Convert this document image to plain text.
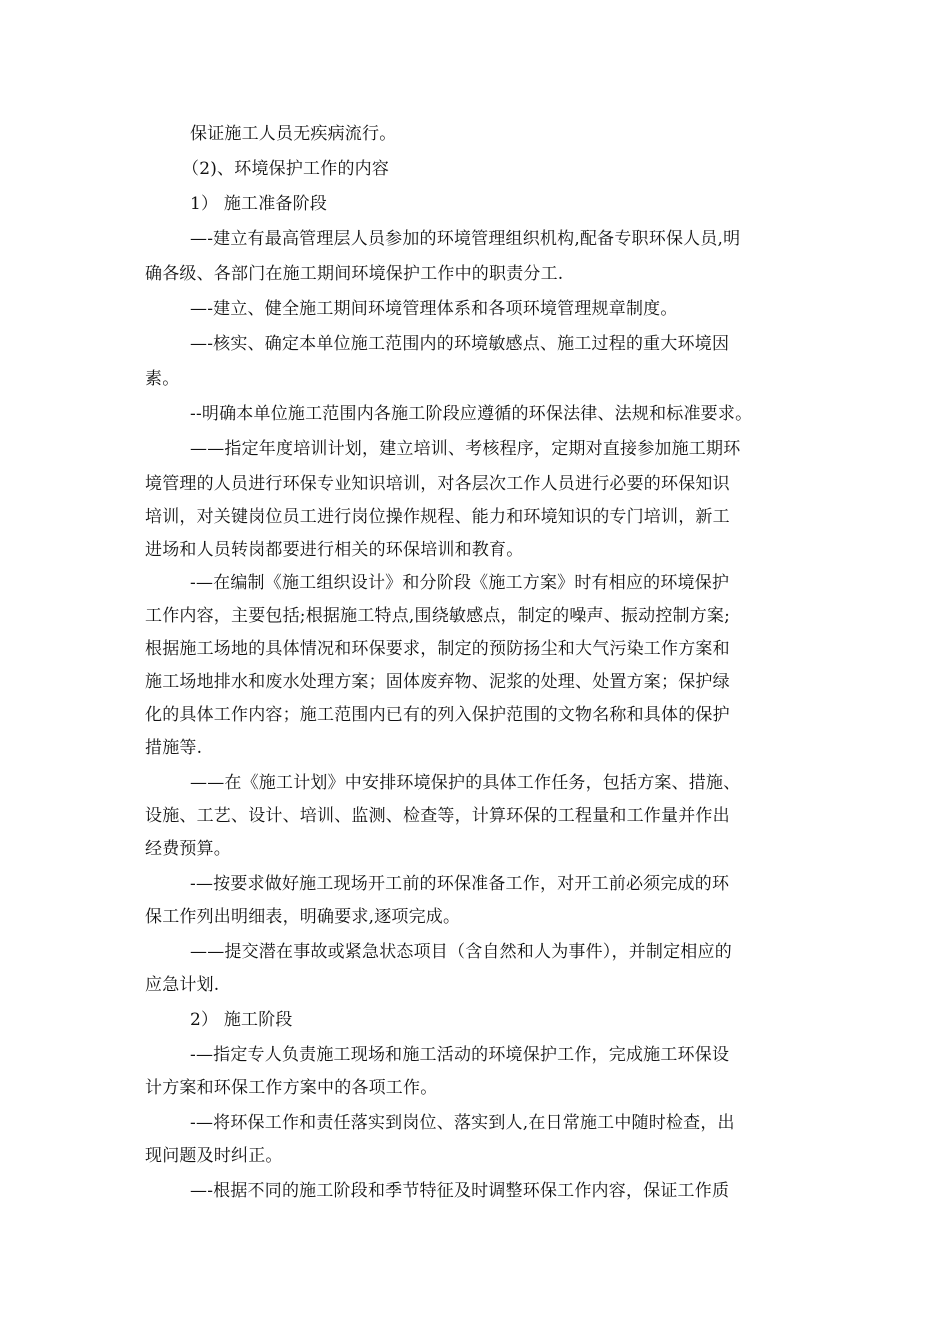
保证施工人员无疾病流行。
（2)、环境保护工作的内容
1） 施工准备阶段
—-建立有最高管理层人员参加的环境管理组织机构,配备专职环保人员,明
确各级、各部门在施工期间环境保护工作中的职责分工.
—-建立、健全施工期间环境管理体系和各项环境管理规章制度。
—-核实、确定本单位施工范围内的环境敏感点、施工过程的重大环境因
素。
--明确本单位施工范围内各施工阶段应遵循的环保法律、法规和标准要求。
——指定年度培训计划，建立培训、考核程序，定期对直接参加施工期环
境管理的人员进行环保专业知识培训，对各层次工作人员进行必要的环保知识
培训，对关键岗位员工进行岗位操作规程、能力和环境知识的专门培训，新工
进场和人员转岗都要进行相关的环保培训和教育。
-—在编制《施工组织设计》和分阶段《施工方案》时有相应的环境保护
工作内容，主要包括;根据施工特点,围绕敏感点，制定的噪声、振动控制方案;
根据施工场地的具体情况和环保要求，制定的预防扬尘和大气污染工作方案和
施工场地排水和废水处理方案；固体废弃物、泥浆的处理、处置方案；保护绿
化的具体工作内容；施工范围内已有的列入保护范围的文物名称和具体的保护
措施等.
——在《施工计划》中安排环境保护的具体工作任务，包括方案、措施、
设施、工艺、设计、培训、监测、检查等，计算环保的工程量和工作量并作出
经费预算。
-—按要求做好施工现场开工前的环保准备工作，对开工前必须完成的环
保工作列出明细表，明确要求,逐项完成。
——提交潜在事故或紧急状态项目（含自然和人为事件），并制定相应的
应急计划.
2） 施工阶段
-—指定专人负责施工现场和施工活动的环境保护工作，完成施工环保设
计方案和环保工作方案中的各项工作。
-—将环保工作和责任落实到岗位、落实到人,在日常施工中随时检查，出
现问题及时纠正。
—-根据不同的施工阶段和季节特征及时调整环保工作内容，保证工作质
